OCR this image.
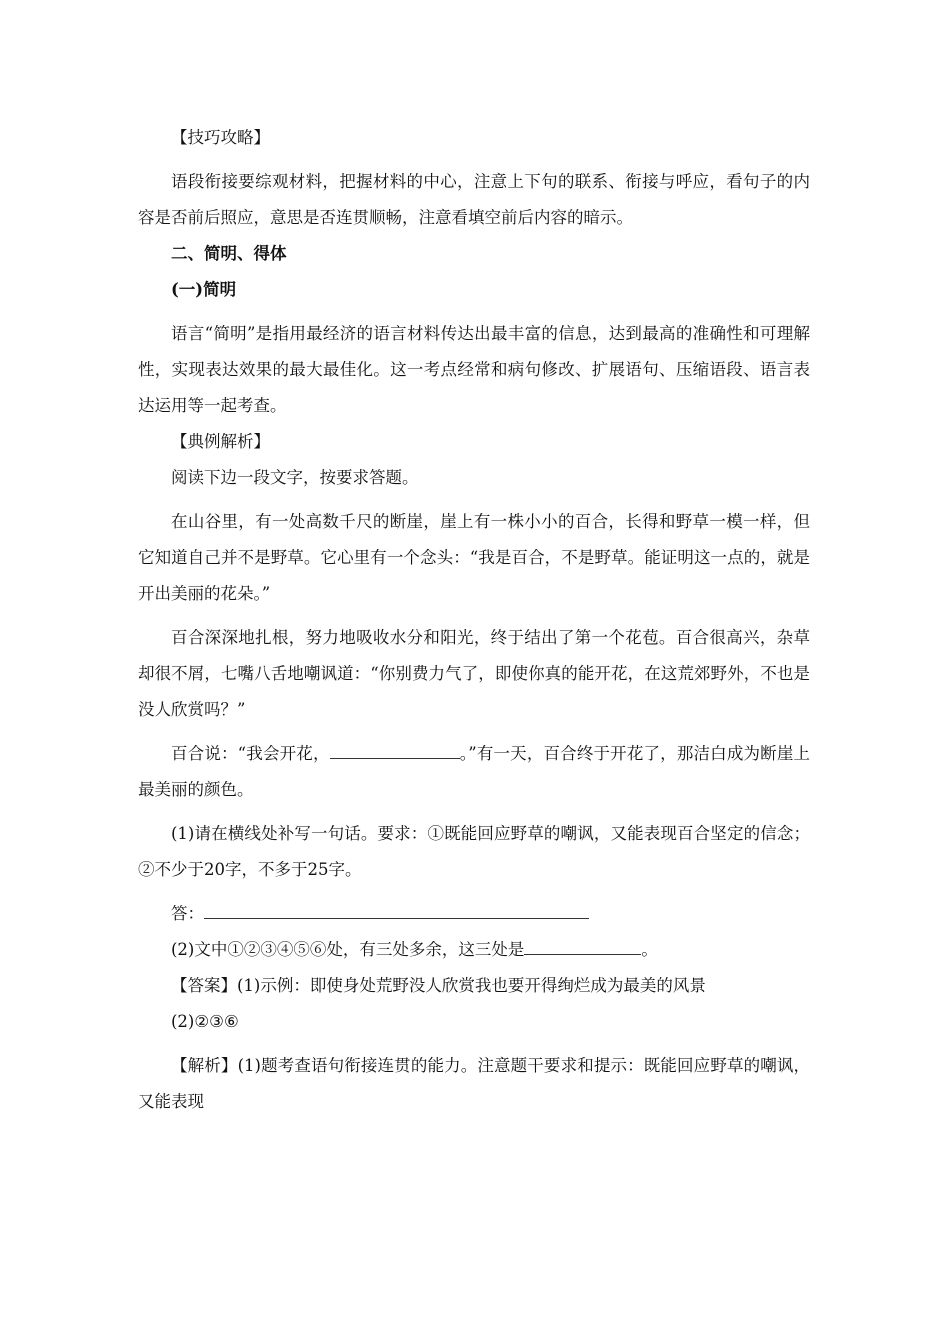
【技巧攻略】

语段衔接要综观材料，把握材料的中心，注意上下句的联系、衔接与呼应，看句子的内容是否前后照应，意思是否连贯顺畅，注意看填空前后内容的暗示。

二、简明、得体

(一)简明

语言“简明”是指用最经济的语言材料传达出最丰富的信息，达到最高的准确性和可理解性，实现表达效果的最大最佳化。这一考点经常和病句修改、扩展语句、压缩语段、语言表达运用等一起考查。

【典例解析】

阅读下边一段文字，按要求答题。

在山谷里，有一处高数千尺的断崖，崖上有一株小小的百合，长得和野草一模一样，但它知道自己并不是野草。它心里有一个念头：“我是百合，不是野草。能证明这一点的，就是开出美丽的花朵。”

百合深深地扎根，努力地吸收水分和阳光，终于结出了第一个花苞。百合很高兴，杂草却很不屑，七嘴八舌地嘲讽道：“你别费力气了，即使你真的能开花，在这荒郊野外，不也是没人欣赏吗？”

百合说：“我会开花，	。”有一天，百合终于开花了，那洁白成为断崖上最美丽的颜色。

(1)请在横线处补写一句话。要求：①既能回应野草的嘲讽，又能表现百合坚定的信念；②不少于20字，不多于25字。

答：

(2)文中①②③④⑤⑥处，有三处多余，这三处是	。

【答案】(1)示例：即使身处荒野没人欣赏我也要开得绚烂成为最美的风景

(2)②③⑥

【解析】(1)题考查语句衔接连贯的能力。注意题干要求和提示：既能回应野草的嘲讽，又能表现
